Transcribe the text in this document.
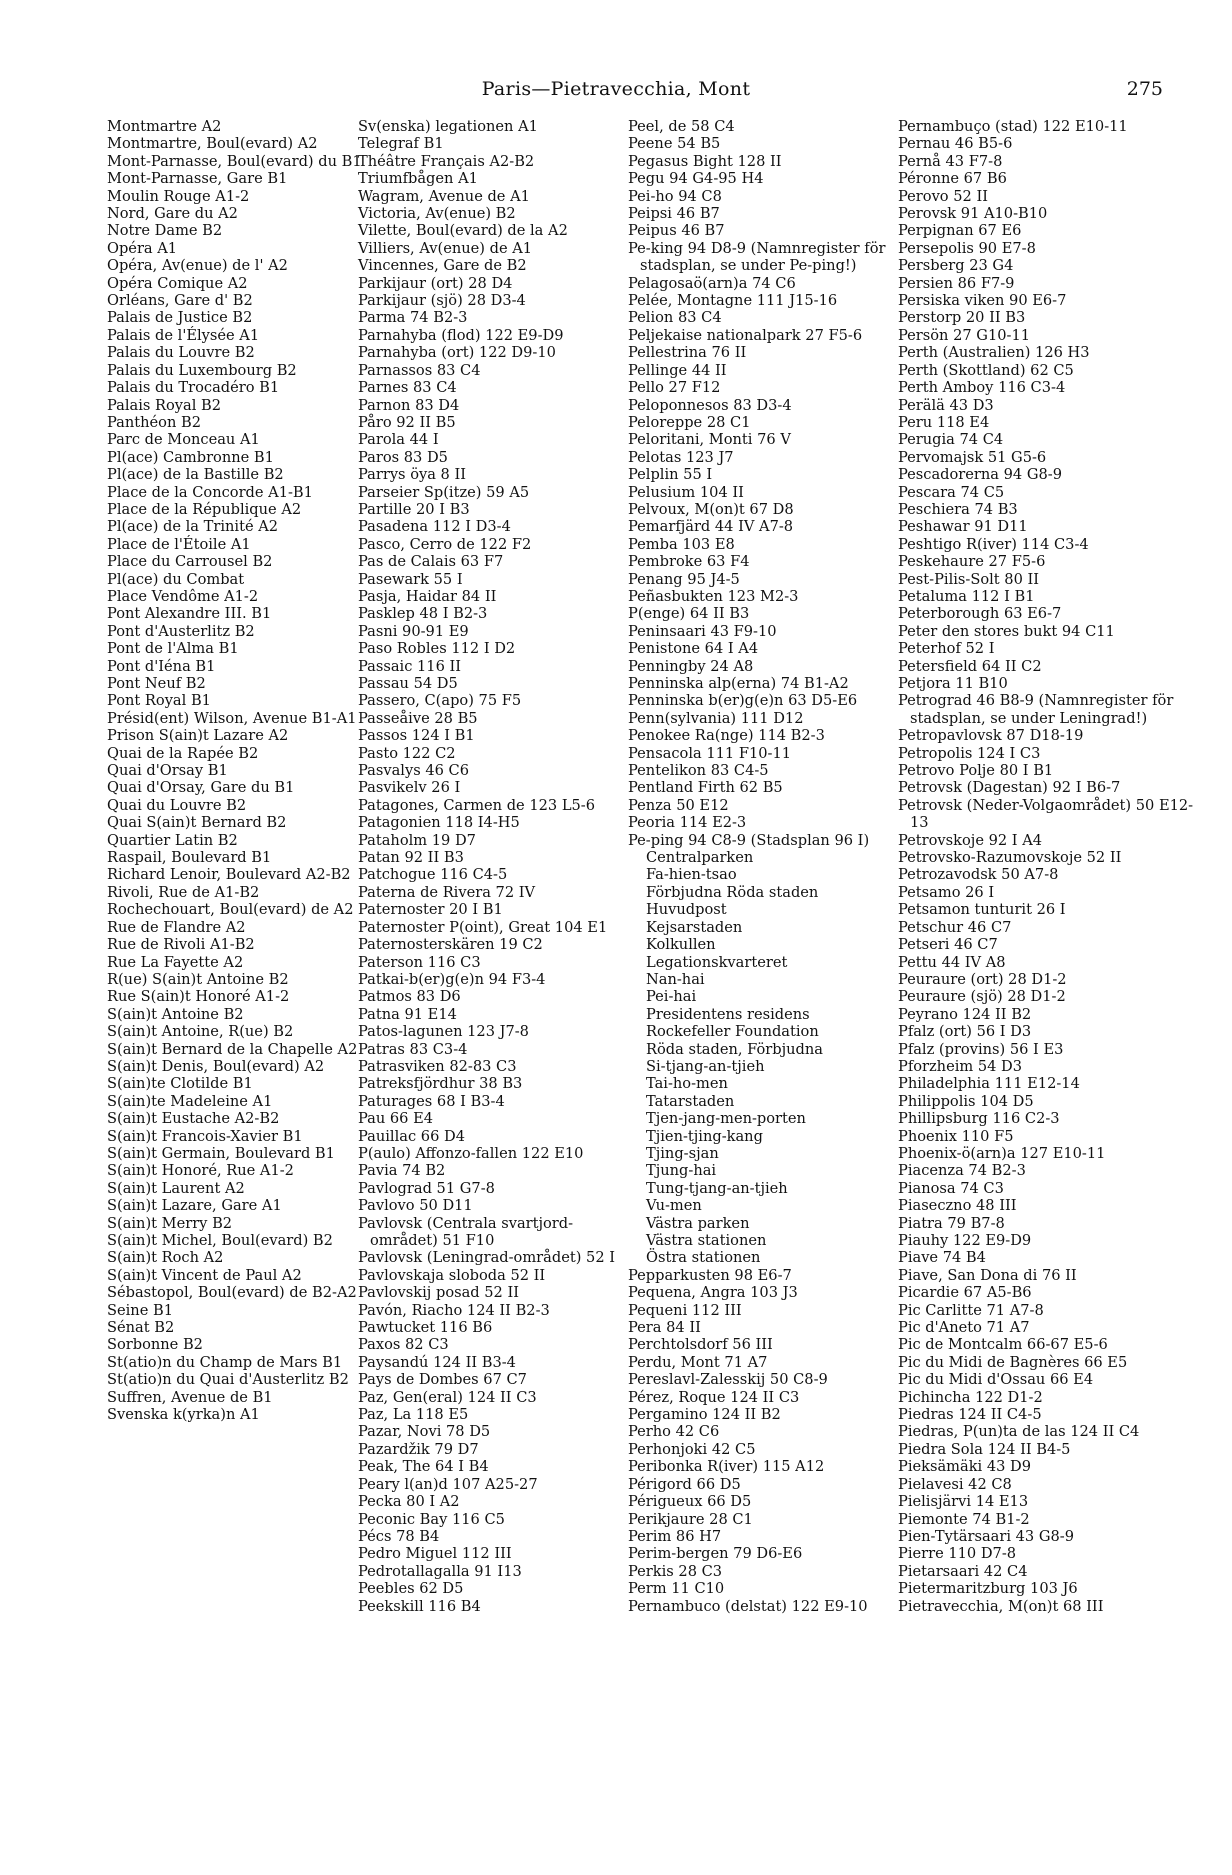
Paris—Pietravecchia, Mont	275
Montmartre A2
Montmartre, Boul(evard) A2
Mont-Parnasse, Boul(evard) du B1
Mont-Parnasse, Gare B1
Moulin Rouge A1-2
Nord, Gare du A2
Notre Dame B2
Opéra A1
Opéra, Av(enue) de l' A2
Opéra Comique A2
Orléans, Gare d' B2
Palais de Justice B2
Palais de l'Élysée A1
Palais du Louvre B2
Palais du Luxembourg B2
Palais du Trocadéro B1
Palais Royal B2
Panthéon B2
Parc de Monceau A1
Pl(ace) Cambronne B1
Pl(ace) de la Bastille B2
Place de la Concorde A1-B1
Place de la République A2
Pl(ace) de la Trinité A2
Place de l'Étoile A1
Place du Carrousel B2
Pl(ace) du Combat
Place Vendôme A1-2
Pont Alexandre III. B1
Pont d'Austerlitz B2
Pont de l'Alma B1
Pont d'Iéna B1
Pont Neuf B2
Pont Royal B1
Présid(ent) Wilson, Avenue B1-A1
Prison S(ain)t Lazare A2
Quai de la Rapée B2
Quai d'Orsay B1
Quai d'Orsay, Gare du B1
Quai du Louvre B2
Quai S(ain)t Bernard B2
Quartier Latin B2
Raspail, Boulevard B1
Richard Lenoir, Boulevard A2-B2
Rivoli, Rue de A1-B2
Rochechouart, Boul(evard) de A2
Rue de Flandre A2
Rue de Rivoli A1-B2
Rue La Fayette A2
R(ue) S(ain)t Antoine B2
Rue S(ain)t Honoré A1-2
S(ain)t Antoine B2
S(ain)t Antoine, R(ue) B2
S(ain)t Bernard de la Chapelle A2
S(ain)t Denis, Boul(evard) A2
S(ain)te Clotilde B1
S(ain)te Madeleine A1
S(ain)t Eustache A2-B2
S(ain)t Francois-Xavier B1
S(ain)t Germain, Boulevard B1
S(ain)t Honoré, Rue A1-2
S(ain)t Laurent A2
S(ain)t Lazare, Gare A1
S(ain)t Merry B2
S(ain)t Michel, Boul(evard) B2
S(ain)t Roch A2
S(ain)t Vincent de Paul A2
Sébastopol, Boul(evard) de B2-A2
Seine B1
Sénat B2
Sorbonne B2
St(atio)n du Champ de Mars B1
St(atio)n du Quai d'Austerlitz B2
Suffren, Avenue de B1
Svenska k(yrka)n A1
Sv(enska) legationen A1
Telegraf B1
Théâtre Français A2-B2
Triumfbågen A1
Wagram, Avenue de A1
Victoria, Av(enue) B2
Vilette, Boul(evard) de la A2
Villiers, Av(enue) de A1
Vincennes, Gare de B2
Parkijaur (ort) 28 D4
Parkijaur (sjö) 28 D3-4
Parma 74 B2-3
Parnahyba (flod) 122 E9-D9
Parnahyba (ort) 122 D9-10
Parnassos 83 C4
Parnes 83 C4
Parnon 83 D4
Påro 92 II B5
Parola 44 I
Paros 83 D5
Parrys öya 8 II
Parseier Sp(itze) 59 A5
Partille 20 I B3
Pasadena 112 I D3-4
Pasco, Cerro de 122 F2
Pas de Calais 63 F7
Pasewark 55 I
Pasja, Haidar 84 II
Pasklep 48 I B2-3
Pasni 90-91 E9
Paso Robles 112 I D2
Passaic 116 II
Passau 54 D5
Passero, C(apo) 75 F5
Passeåive 28 B5
Passos 124 I B1
Pasto 122 C2
Pasvalys 46 C6
Pasvikelv 26 I
Patagones, Carmen de 123 L5-6
Patagonien 118 I4-H5
Pataholm 19 D7
Patan 92 II B3
Patchogue 116 C4-5
Paterna de Rivera 72 IV
Paternoster 20 I B1
Paternoster P(oint), Great 104 E1
Paternosterskären 19 C2
Paterson 116 C3
Patkai-b(er)g(e)n 94 F3-4
Patmos 83 D6
Patna 91 E14
Patos-lagunen 123 J7-8
Patras 83 C3-4
Patrasviken 82-83 C3
Patreksfjördhur 38 B3
Paturages 68 I B3-4
Pau 66 E4
Pauillac 66 D4
P(aulo) Affonzo-fallen 122 E10
Pavia 74 B2
Pavlograd 51 G7-8
Pavlovo 50 D11
Pavlovsk (Centrala svartjord-området) 51 F10
Pavlovsk (Leningrad-området) 52 I
Pavlovskaja sloboda 52 II
Pavlovskij posad 52 II
Pavón, Riacho 124 II B2-3
Pawtucket 116 B6
Paxos 82 C3
Paysandú 124 II B3-4
Pays de Dombes 67 C7
Paz, Gen(eral) 124 II C3
Paz, La 118 E5
Pazar, Novi 78 D5
Pazardžik 79 D7
Peak, The 64 I B4
Peary l(an)d 107 A25-27
Pecka 80 I A2
Peconic Bay 116 C5
Pécs 78 B4
Pedro Miguel 112 III
Pedrotallagalla 91 I13
Peebles 62 D5
Peekskill 116 B4
Peel, de 58 C4
Peene 54 B5
Pegasus Bight 128 II
Pegu 94 G4-95 H4
Pei-ho 94 C8
Peipsi 46 B7
Peipus 46 B7
Pe-king 94 D8-9 (Namnregister för stadsplan, se under Pe-ping!)
Pelagosaö(arn)a 74 C6
Pelée, Montagne 111 J15-16
Pelion 83 C4
Peljekaise nationalpark 27 F5-6
Pellestrina 76 II
Pellinge 44 II
Pello 27 F12
Peloponnesos 83 D3-4
Peloreppe 28 C1
Peloritani, Monti 76 V
Pelotas 123 J7
Pelplin 55 I
Pelusium 104 II
Pelvoux, M(on)t 67 D8
Pemarfjärd 44 IV A7-8
Pemba 103 E8
Pembroke 63 F4
Penang 95 J4-5
Peñasbukten 123 M2-3
P(enge) 64 II B3
Peninsaari 43 F9-10
Penistone 64 I A4
Penningby 24 A8
Penninska alp(erna) 74 B1-A2
Penninska b(er)g(e)n 63 D5-E6
Penn(sylvania) 111 D12
Penokee Ra(nge) 114 B2-3
Pensacola 111 F10-11
Pentelikon 83 C4-5
Pentland Firth 62 B5
Penza 50 E12
Peoria 114 E2-3
Pe-ping 94 C8-9 (Stadsplan 96 I)
Centralparken
Fa-hien-tsao
Förbjudna Röda staden
Huvudpost
Kejsarstaden
Kolkullen
Legationskvarteret
Nan-hai
Pei-hai
Presidentens residens
Rockefeller Foundation
Röda staden, Förbjudna
Si-tjang-an-tjieh
Tai-ho-men
Tatarstaden
Tjen-jang-men-porten
Tjien-tjing-kang
Tjing-sjan
Tjung-hai
Tung-tjang-an-tjieh
Vu-men
Västra parken
Västra stationen
Östra stationen
Pepparkusten 98 E6-7
Pequena, Angra 103 J3
Pequeni 112 III
Pera 84 II
Perchtolsdorf 56 III
Perdu, Mont 71 A7
Pereslavl-Zalesskij 50 C8-9
Pérez, Roque 124 II C3
Pergamino 124 II B2
Perho 42 C6
Perhonjoki 42 C5
Peribonka R(iver) 115 A12
Périgord 66 D5
Périgueux 66 D5
Perikjaure 28 C1
Perim 86 H7
Perim-bergen 79 D6-E6
Perkis 28 C3
Perm 11 C10
Pernambuco (delstat) 122 E9-10
Pernambuço (stad) 122 E10-11
Pernau 46 B5-6
Pernå 43 F7-8
Péronne 67 B6
Perovo 52 II
Perovsk 91 A10-B10
Perpignan 67 E6
Persepolis 90 E7-8
Persberg 23 G4
Persien 86 F7-9
Persiska viken 90 E6-7
Perstorp 20 II B3
Persön 27 G10-11
Perth (Australien) 126 H3
Perth (Skottland) 62 C5
Perth Amboy 116 C3-4
Perälä 43 D3
Peru 118 E4
Perugia 74 C4
Pervomajsk 51 G5-6
Pescadorerna 94 G8-9
Pescara 74 C5
Peschiera 74 B3
Peshawar 91 D11
Peshtigo R(iver) 114 C3-4
Peskehaure 27 F5-6
Pest-Pilis-Solt 80 II
Petaluma 112 I B1
Peterborough 63 E6-7
Peter den stores bukt 94 C11
Peterhof 52 I
Petersfield 64 II C2
Petjora 11 B10
Petrograd 46 B8-9 (Namnregister för stadsplan, se under Leningrad!)
Petropavlovsk 87 D18-19
Petropolis 124 I C3
Petrovo Polje 80 I B1
Petrovsk (Dagestan) 92 I B6-7
Petrovsk (Neder-Volgaområdet) 50 E12-13
Petrovskoje 92 I A4
Petrovsko-Razumovskoje 52 II
Petrozavodsk 50 A7-8
Petsamo 26 I
Petsamon tunturit 26 I
Petschur 46 C7
Petseri 46 C7
Pettu 44 IV A8
Peuraure (ort) 28 D1-2
Peuraure (sjö) 28 D1-2
Peyrano 124 II B2
Pfalz (ort) 56 I D3
Pfalz (provins) 56 I E3
Pforzheim 54 D3
Philadelphia 111 E12-14
Philippolis 104 D5
Phillipsburg 116 C2-3
Phoenix 110 F5
Phoenix-ö(arn)a 127 E10-11
Piacenza 74 B2-3
Pianosa 74 C3
Piaseczno 48 III
Piatra 79 B7-8
Piauhy 122 E9-D9
Piave 74 B4
Piave, San Dona di 76 II
Picardie 67 A5-B6
Pic Carlitte 71 A7-8
Pic d'Aneto 71 A7
Pic de Montcalm 66-67 E5-6
Pic du Midi de Bagnères 66 E5
Pic du Midi d'Ossau 66 E4
Pichincha 122 D1-2
Piedras 124 II C4-5
Piedras, P(un)ta de las 124 II C4
Piedra Sola 124 II B4-5
Pieksämäki 43 D9
Pielavesi 42 C8
Pielisjärvi 14 E13
Piemonte 74 B1-2
Pien-Tytärsaari 43 G8-9
Pierre 110 D7-8
Pietarsaari 42 C4
Pietermaritzburg 103 J6
Pietravecchia, M(on)t 68 III
